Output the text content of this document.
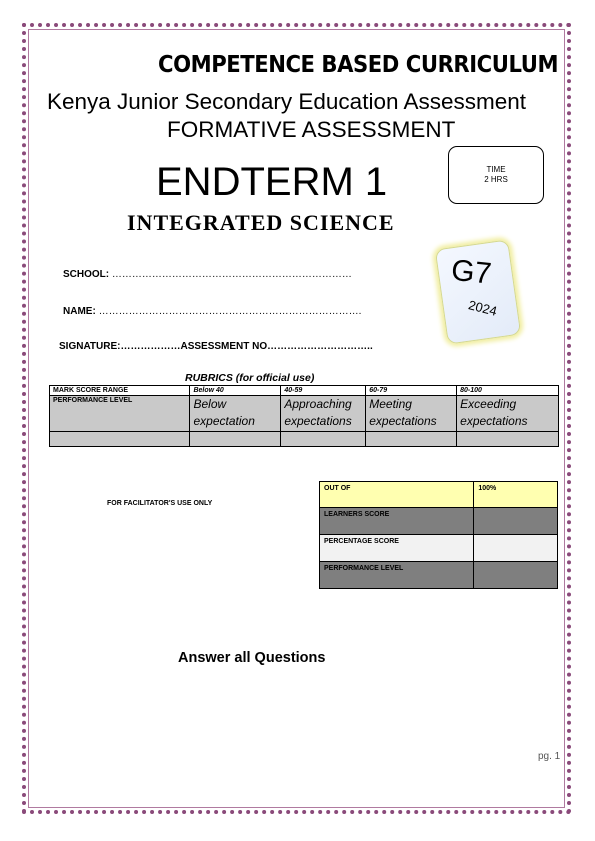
COMPETENCE BASED CURRICULUM
Kenya Junior Secondary Education Assessment
FORMATIVE ASSESSMENT
ENDTERM 1
INTEGRATED SCIENCE
TIME
2 HRS
G7
2024
SCHOOL: ………………………………………………………………
NAME: …………………………………………………………………….
SIGNATURE:………………ASSESSMENT NO…………………………..
RUBRICS (for official use)
MARK SCORE RANGE	Below 40	40-59	60-79	80-100
PERFORMANCE LEVEL	Below expectation	Approaching expectations	Meeting expectations	Exceeding expectations

FOR FACILITATOR'S USE ONLY
OUT OF	100%
LEARNERS SCORE	
PERCENTAGE SCORE	
PERFORMANCE LEVEL	
Answer all Questions
pg. 1
